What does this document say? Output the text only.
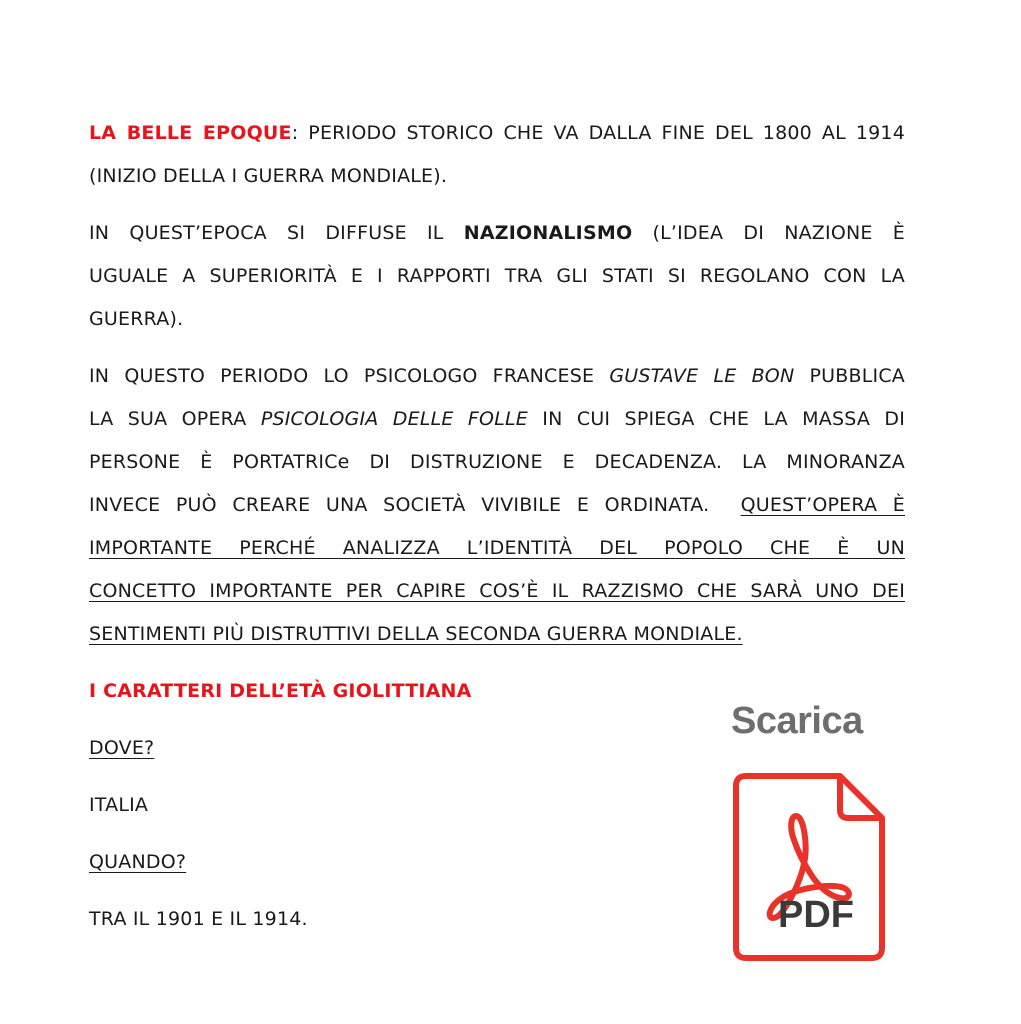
LA BELLE EPOQUE: PERIODO STORICO CHE VA DALLA FINE DEL 1800 AL 1914
(INIZIO DELLA I GUERRA MONDIALE).
IN QUEST’EPOCA SI DIFFUSE IL NAZIONALISMO (L’IDEA DI NAZIONE È
UGUALE A SUPERIORITÀ E I RAPPORTI TRA GLI STATI SI REGOLANO CON LA
GUERRA).
IN QUESTO PERIODO LO PSICOLOGO FRANCESE GUSTAVE LE BON PUBBLICA
LA SUA OPERA PSICOLOGIA DELLE FOLLE IN CUI SPIEGA CHE LA MASSA DI
PERSONE È PORTATRICe DI DISTRUZIONE E DECADENZA. LA MINORANZA
INVECE PUÒ CREARE UNA SOCIETÀ VIVIBILE E ORDINATA.  QUEST’OPERA È
IMPORTANTE PERCHÉ ANALIZZA L’IDENTITÀ DEL POPOLO CHE È UN
CONCETTO IMPORTANTE PER CAPIRE COS’È IL RAZZISMO CHE SARÀ UNO DEI
SENTIMENTI PIÙ DISTRUTTIVI DELLA SECONDA GUERRA MONDIALE.

I CARATTERI DELL’ETÀ GIOLITTIANA

DOVE?

ITALIA

QUANDO?

TRA IL 1901 E IL 1914.

Scarica
PDF
